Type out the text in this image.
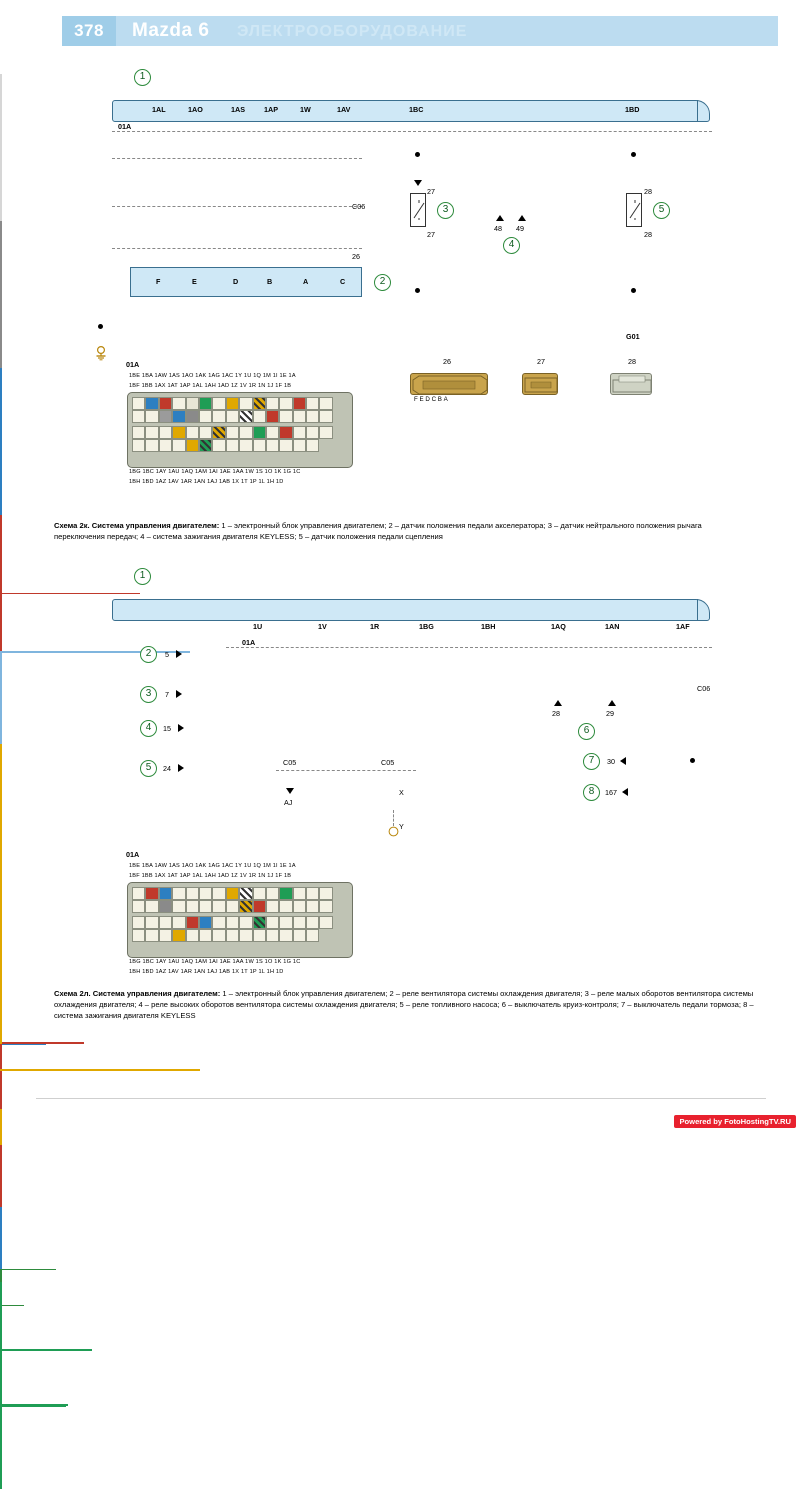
378	Mazda 6 ЭЛЕКТРООБОРУДОВАНИЕ
1
1AL	1AO	1AS	1AP	1W	1AV	1BC	1BD
01A
C06
26
F	E	D	B	A	C	2
27
3
27
48 49
4
28
5
28
G01
26
F E D C B A
27	28
01A
1BE 1BA 1AW 1AS 1AO 1AK 1AG 1AC 1Y 1U 1Q 1M 1I 1E 1A
1BF 1BB 1AX 1AT 1AP 1AL 1AH 1AD 1Z 1V 1R 1N 1J 1F 1B
1BG 1BC 1AY 1AU 1AQ 1AM 1AI 1AE 1AA 1W 1S 1O 1K 1G 1C
1BH 1BD 1AZ 1AV 1AR 1AN 1AJ 1AB 1X 1T 1P 1L 1H 1D
Схема 2к. Система управления двигателем: 1 – электронный блок управления двигателем; 2 – датчик положения педали акселератора; 3 – датчик нейтрального положения рычага переключения передач; 4 – система зажигания двигателя KEYLESS; 5 – датчик положения педали сцепления
1
1U	1V	1R	1BG	1BH	1AQ	1AN	1AF
01A
2	5
3	7
4	15
5	24
C05	C05
AJ
X
Y
28	29
6
C06
7	30
8	167
01A
1BE 1BA 1AW 1AS 1AO 1AK 1AG 1AC 1Y 1U 1Q 1M 1I 1E 1A
1BF 1BB 1AX 1AT 1AP 1AL 1AH 1AD 1Z 1V 1R 1N 1J 1F 1B
1BG 1BC 1AY 1AU 1AQ 1AM 1AI 1AE 1AA 1W 1S 1O 1K 1G 1C
1BH 1BD 1AZ 1AV 1AR 1AN 1AJ 1AB 1X 1T 1P 1L 1H 1D
Схема 2л. Система управления двигателем: 1 – электронный блок управления двигателем; 2 – реле вентилятора системы охлаждения двигателя; 3 – реле малых оборотов вентилятора системы охлаждения двигателя; 4 – реле высоких оборотов вентилятора системы охлаждения двигателя; 5 – реле топливного насоса; 6 – выключатель круиз-контроля; 7 – выключатель педали тормоза; 8 – система зажигания двигателя KEYLESS
Powered by FotoHostingTV.RU
